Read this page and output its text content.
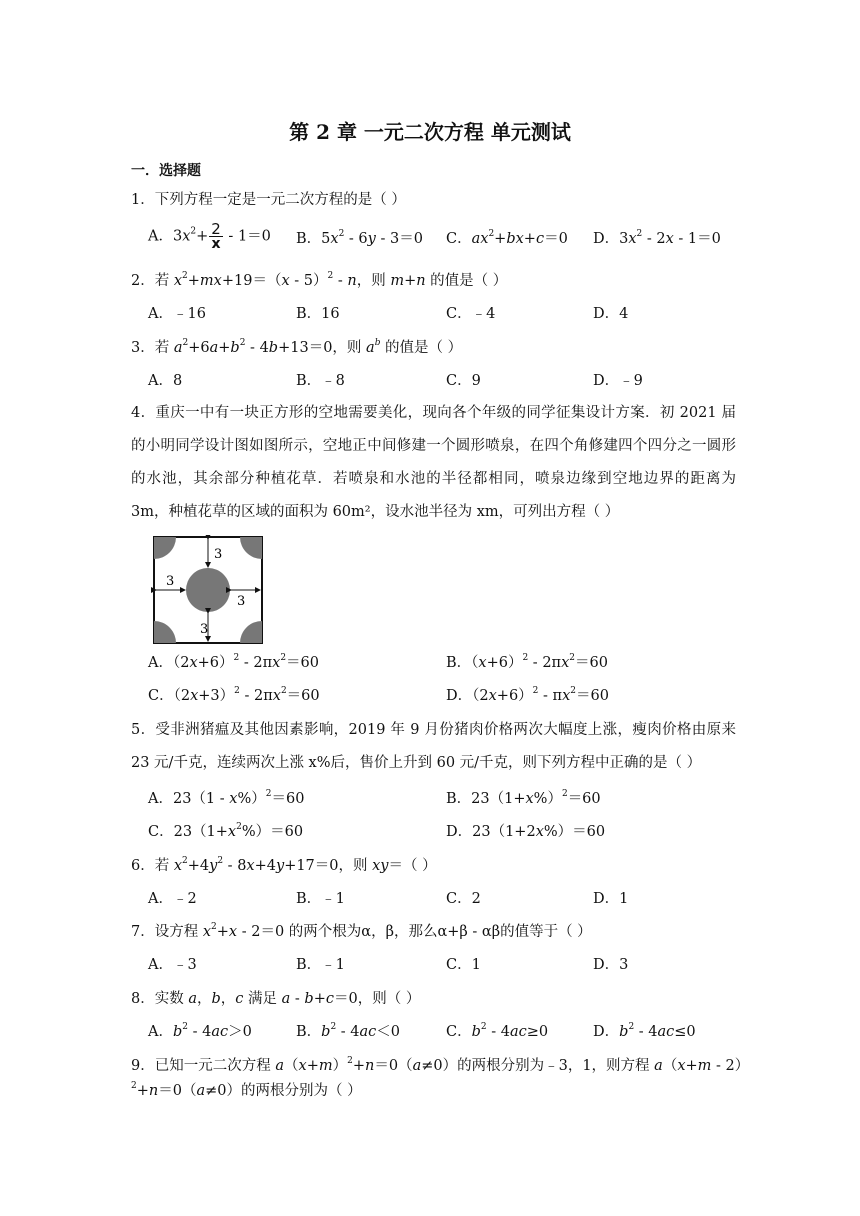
第 2 章 一元二次方程 单元测试
一．选择题
1．下列方程一定是一元二次方程的是（ ）
A．$3x^2+ \frac{2}{x} - 1=0$ B．$5x^2 - 6y - 3=0$ C．$ax^2+bx+c=0$ D．$3x^2 - 2x - 1=0$
2．若 $x^2+mx+19=(x - 5)^2 - n$，则 m+n 的值是（ ）
A．﹣16	B．16	C．﹣4	D．4
3．若 $a^2+6a+b^2 - 4b+13=0$，则 $a^b$ 的值是（ ）
A．8	B．﹣8	C．9	D．﹣9
4．重庆一中有一块正方形的空地需要美化，现向各个年级的同学征集设计方案．初 2021 届的小明同学设计图如图所示，空地正中间修建一个圆形喷泉，在四个角修建四个四分之一圆形的水池，其余部分种植花草．若喷泉和水池的半径都相同，喷泉边缘到空地边界的距离为 3m，种植花草的区域的面积为 60m²，设水池半径为 xm，可列出方程（ ）
3
3
3
3
A．$(2x+6)^2 - 2\pi x^2=60$	B．$(x+6)^2 - 2\pi x^2=60$
C．$(2x+3)^2 - 2\pi x^2=60$	D．$(2x+6)^2 - \pi x^2=60$
5．受非洲猪瘟及其他因素影响，2019 年 9 月份猪肉价格两次大幅度上涨，瘦肉价格由原来 23 元/千克，连续两次上涨 x%后，售价上升到 60 元/千克，则下列方程中正确的是（ ）
A．23（1 - x%）$^2$＝60	B．$23(1+x\%)^2=60$
C．$23(1+x^2\%)=60$	D．23（1+2x%）＝60
6．若 $x^2+4y^2 - 8x+4y+17=0$，则 xy＝（ ）
A．﹣2	B．﹣1	C．2	D．1
7．设方程 $x^2+x - 2=0$ 的两个根为α，β，那么α+β - αβ的值等于（ ）
A．﹣3	B．﹣1	C．1	D．3
8．实数 a，b，c 满足 a - b+c＝0，则（ ）
A．$b^2 - 4ac>0$	B．$b^2 - 4ac<0$	C．$b^2 - 4ac\ge 0$	D．$b^2 - 4ac\le 0$
9．已知一元二次方程 $a(x+m)^2+n=0(a\ne 0)$的两根分别为﹣3，1，则方程 a（x+m - 2）
$^2$+n＝0（a≠0）的两根分别为（ ）
